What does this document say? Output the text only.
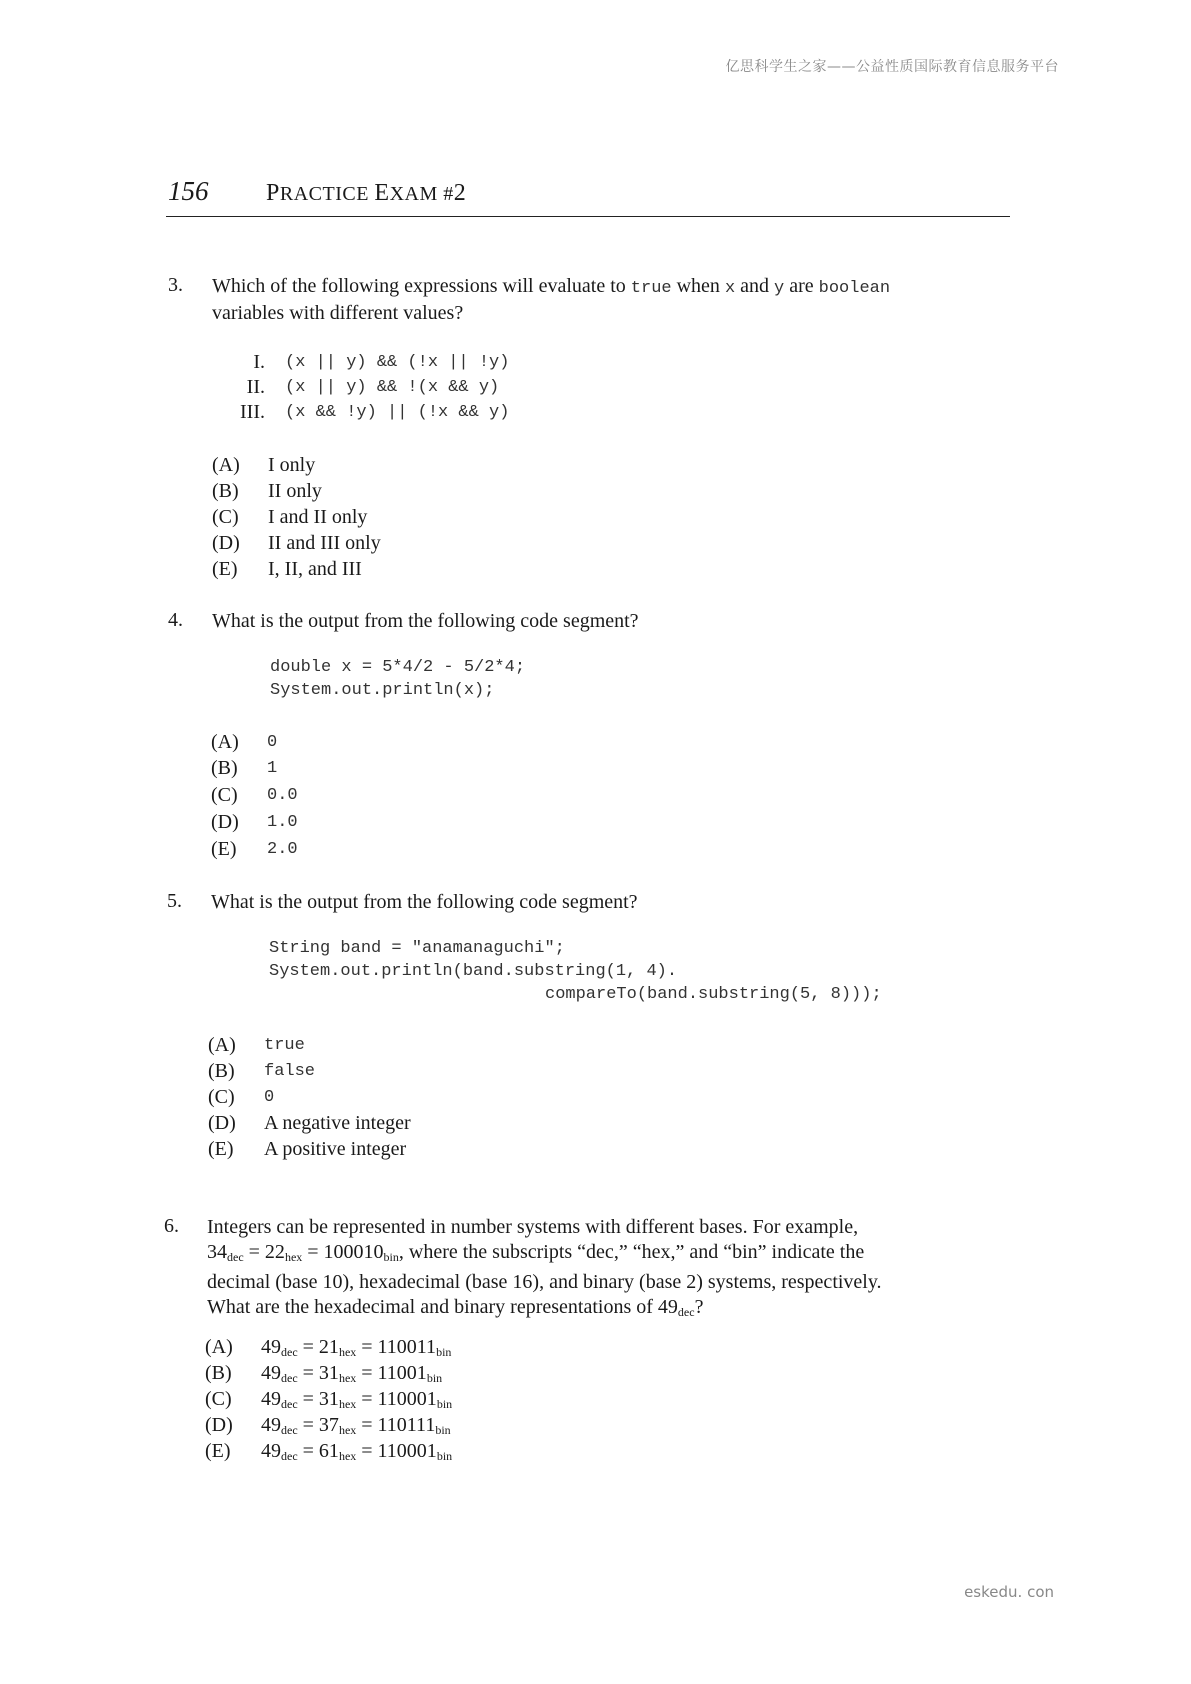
亿思科学生之家——公益性质国际教育信息服务平台
eskedu. con
156 PRACTICE EXAM #2
3. Which of the following expressions will evaluate to true when x and y are boolean
variables with different values?
I. (x || y) && (!x || !y)
II. (x || y) && !(x && y)
III. (x && !y) || (!x && y)
(A) I only
(B) II only
(C) I and II only
(D) II and III only
(E) I, II, and III
4. What is the output from the following code segment?
double x = 5*4/2 - 5/2*4;
System.out.println(x);
(A) 0
(B) 1
(C) 0.0
(D) 1.0
(E) 2.0
5. What is the output from the following code segment?
String band = "anamanaguchi";
System.out.println(band.substring(1, 4).
compareTo(band.substring(5, 8)));
(A) true
(B) false
(C) 0
(D) A negative integer
(E) A positive integer
6. Integers can be represented in number systems with different bases. For example,
$34_{dec} = 22_{hex} = 100010_{bin}$, where the subscripts “dec,” “hex,” and “bin” indicate the
decimal (base 10), hexadecimal (base 16), and binary (base 2) systems, respectively.
What are the hexadecimal and binary representations of $49_{dec}$?
(A) $49_{dec} = 21_{hex} = 110011_{bin}$
(B) $49_{dec} = 31_{hex} = 11001_{bin}$
(C) $49_{dec} = 31_{hex} = 110001_{bin}$
(D) $49_{dec} = 37_{hex} = 110111_{bin}$
(E) $49_{dec} = 61_{hex} = 110001_{bin}$
